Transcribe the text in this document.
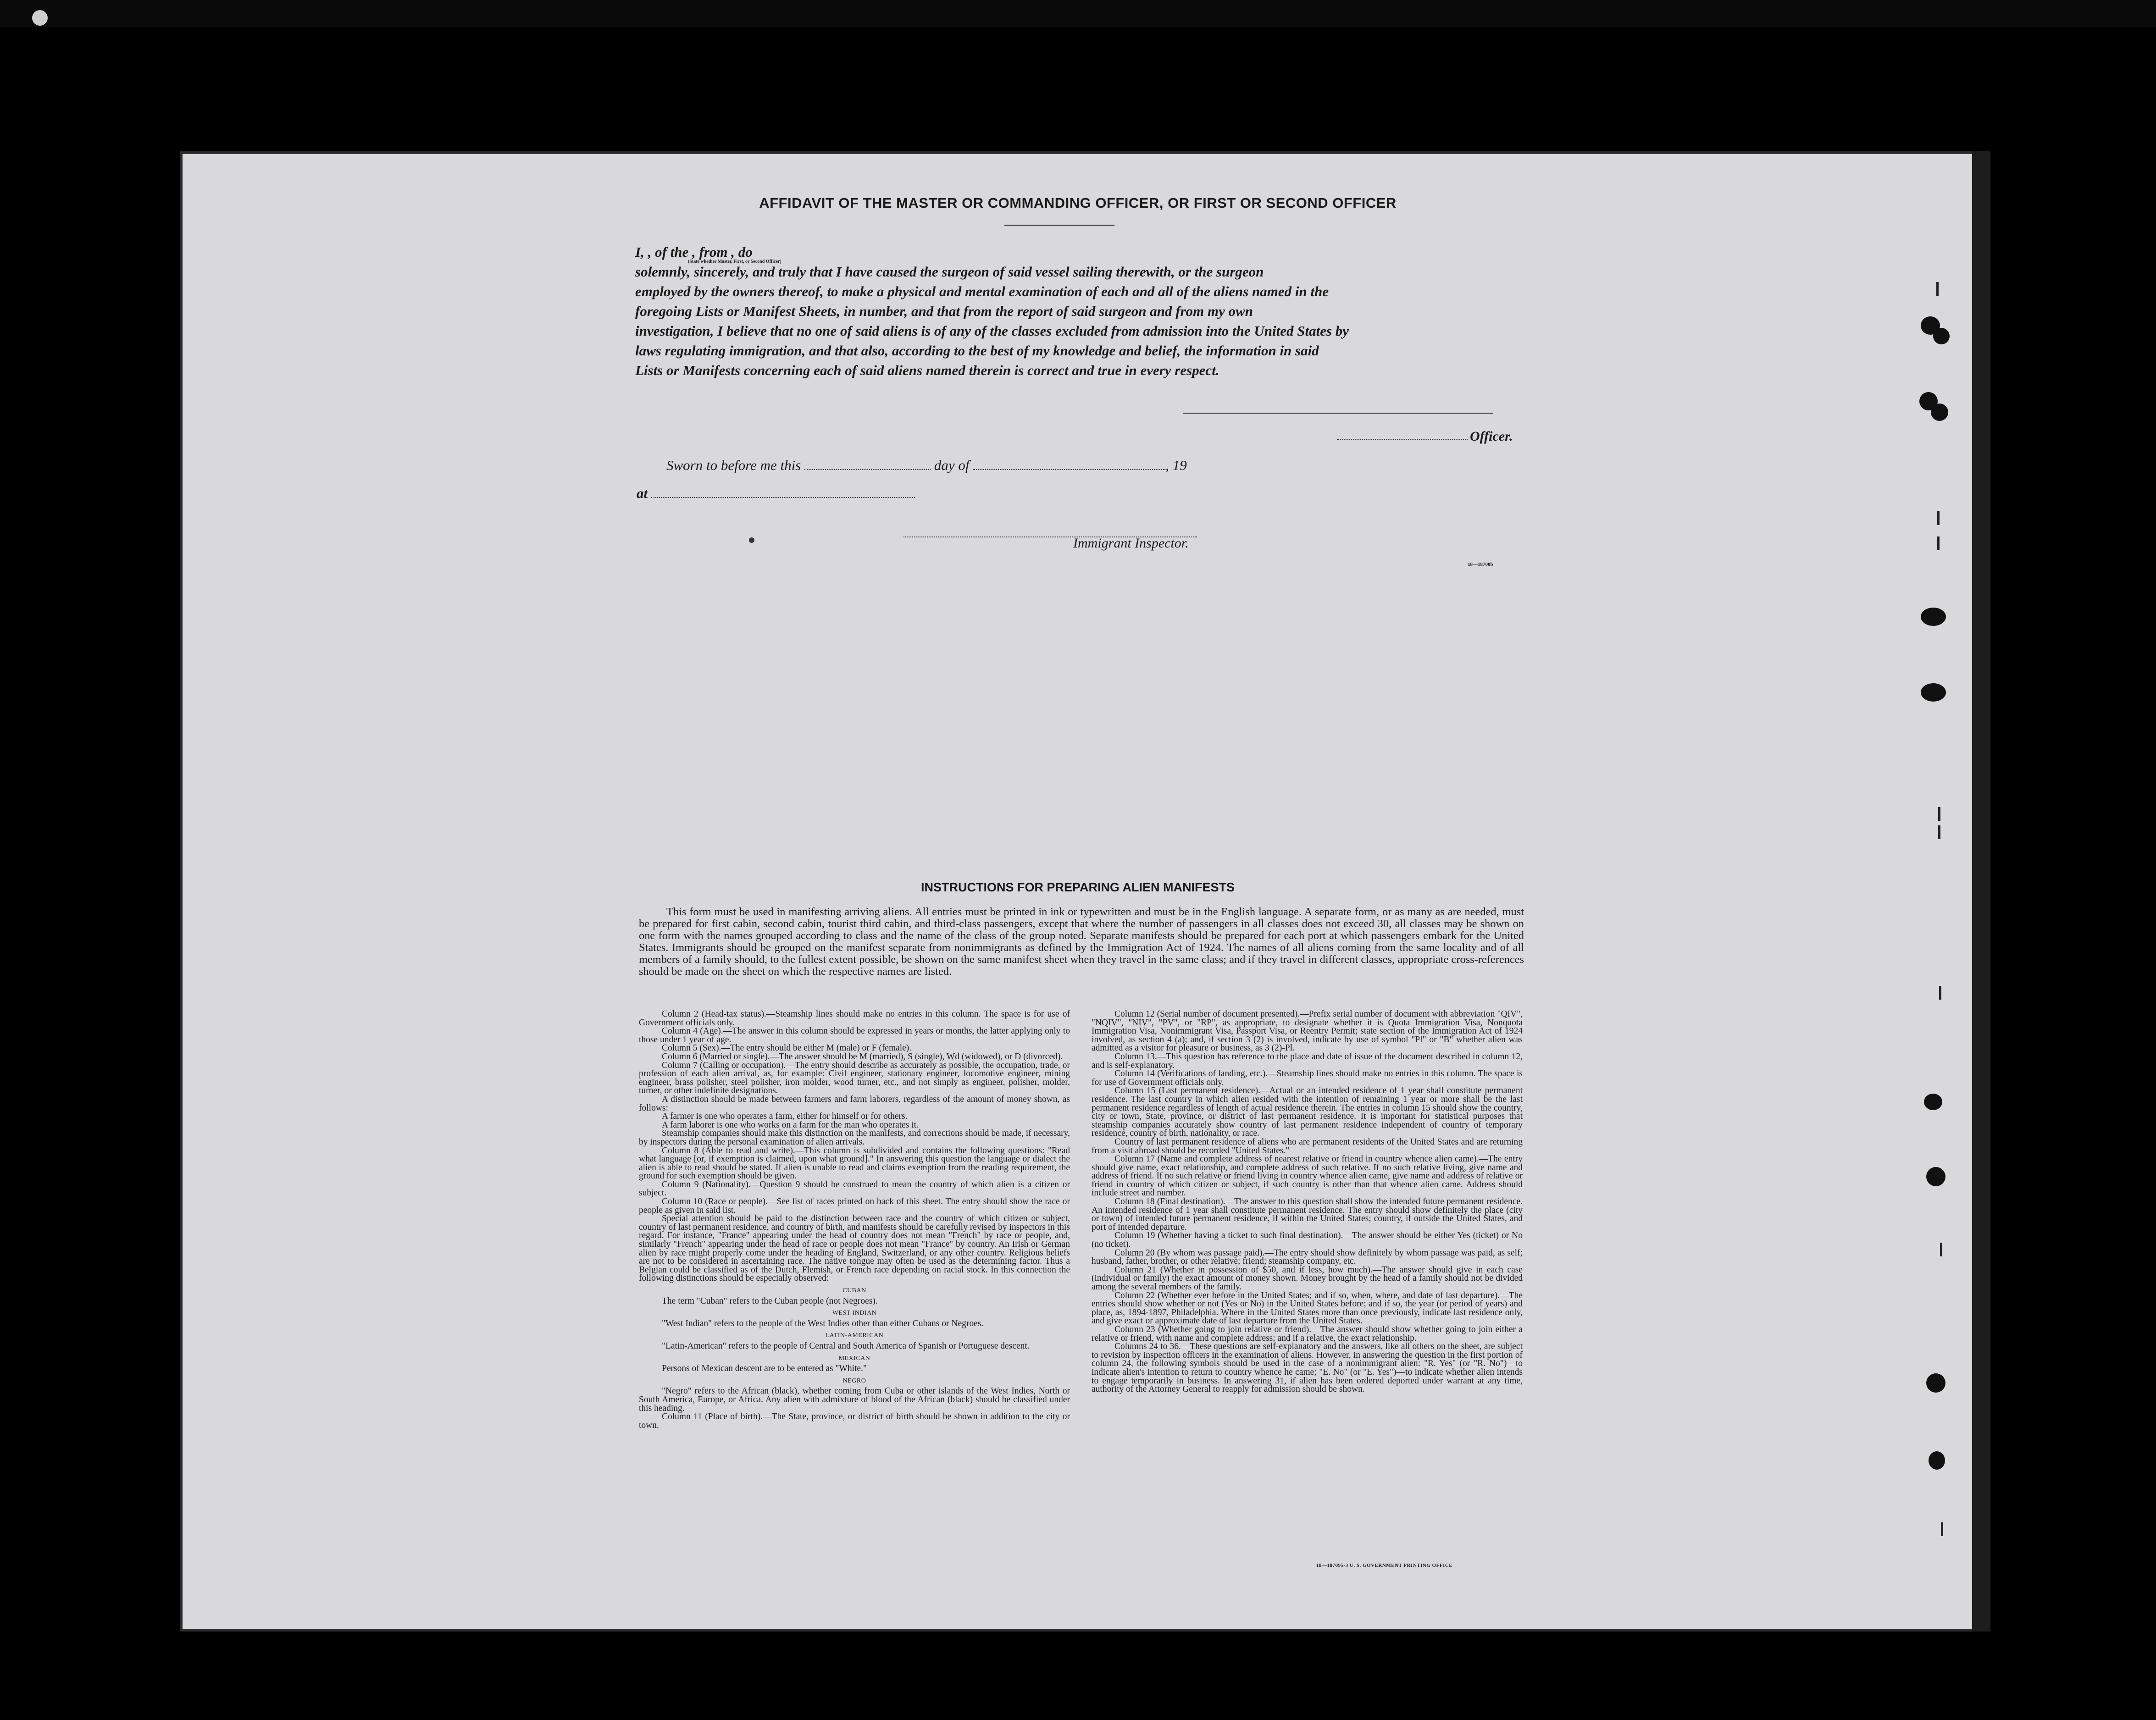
AFFIDAVIT OF THE MASTER OR COMMANDING OFFICER, OR FIRST OR SECOND OFFICER
I, , of the , from , do
solemnly, sincerely, and truly that I have caused the surgeon of said vessel sailing therewith, or the surgeon
employed by the owners thereof, to make a physical and mental examination of each and all of the aliens named in the
foregoing Lists or Manifest Sheets, in number, and that from the report of said surgeon and from my own
investigation, I believe that no one of said aliens is of any of the classes excluded from admission into the United States by
laws regulating immigration, and that also, according to the best of my knowledge and belief, the information in said
Lists or Manifests concerning each of said aliens named therein is correct and true in every respect.
(State whether Master, First, or Second Officer)
Officer.
Sworn to before me this	day of	, 19
at
Immigrant Inspector.
18—18700b
INSTRUCTIONS FOR PREPARING ALIEN MANIFESTS
This form must be used in manifesting arriving aliens. All entries must be printed in ink or typewritten and must be in the English language. A separate form, or as many as are needed, must be prepared for first cabin, second cabin, tourist third cabin, and third-class passengers, except that where the number of passengers in all classes does not exceed 30, all classes may be shown on one form with the names grouped according to class and the name of the class of the group noted. Separate manifests should be prepared for each port at which passengers embark for the United States. Immigrants should be grouped on the manifest separate from nonimmigrants as defined by the Immigration Act of 1924. The names of all aliens coming from the same locality and of all members of a family should, to the fullest extent possible, be shown on the same manifest sheet when they travel in the same class; and if they travel in different classes, appropriate cross-references should be made on the sheet on which the respective names are listed.

Column 2 (Head-tax status).—Steamship lines should make no entries in this column. The space is for use of Government officials only.

Column 4 (Age).—The answer in this column should be expressed in years or months, the latter applying only to those under 1 year of age.

Column 5 (Sex).—The entry should be either M (male) or F (female).

Column 6 (Married or single).—The answer should be M (married), S (single), Wd (widowed), or D (divorced).

Column 7 (Calling or occupation).—The entry should describe as accurately as possible, the occupation, trade, or profession of each alien arrival, as, for example: Civil engineer, stationary engineer, locomotive engineer, mining engineer, brass polisher, steel polisher, iron molder, wood turner, etc., and not simply as engineer, polisher, molder, turner, or other indefinite designations.

A distinction should be made between farmers and farm laborers, regardless of the amount of money shown, as follows:

A farmer is one who operates a farm, either for himself or for others.

A farm laborer is one who works on a farm for the man who operates it.

Steamship companies should make this distinction on the manifests, and corrections should be made, if necessary, by inspectors during the personal examination of alien arrivals.

Column 8 (Able to read and write).—This column is subdivided and contains the following questions: "Read what language [or, if exemption is claimed, upon what ground]." In answering this question the language or dialect the alien is able to read should be stated. If alien is unable to read and claims exemption from the reading requirement, the ground for such exemption should be given.

Column 9 (Nationality).—Question 9 should be construed to mean the country of which alien is a citizen or subject.

Column 10 (Race or people).—See list of races printed on back of this sheet. The entry should show the race or people as given in said list.

Special attention should be paid to the distinction between race and the country of which citizen or subject, country of last permanent residence, and country of birth, and manifests should be carefully revised by inspectors in this regard. For instance, "France" appearing under the head of country does not mean "French" by race or people, and, similarly "French" appearing under the head of race or people does not mean "France" by country. An Irish or German alien by race might properly come under the heading of England, Switzerland, or any other country. Religious beliefs are not to be considered in ascertaining race. The native tongue may often be used as the determining factor. Thus a Belgian could be classified as of the Dutch, Flemish, or French race depending on racial stock. In this connection the following distinctions should be especially observed:

CUBAN

The term "Cuban" refers to the Cuban people (not Negroes).

WEST INDIAN

"West Indian" refers to the people of the West Indies other than either Cubans or Negroes.

LATIN-AMERICAN

"Latin-American" refers to the people of Central and South America of Spanish or Portuguese descent.

MEXICAN

Persons of Mexican descent are to be entered as "White."

NEGRO

"Negro" refers to the African (black), whether coming from Cuba or other islands of the West Indies, North or South America, Europe, or Africa. Any alien with admixture of blood of the African (black) should be classified under this heading.

Column 11 (Place of birth).—The State, province, or district of birth should be shown in addition to the city or town.

Column 12 (Serial number of document presented).—Prefix serial number of document with abbreviation "QIV", "NQIV", "NIV", "PV", or "RP", as appropriate, to designate whether it is Quota Immigration Visa, Nonquota Immigration Visa, Nonimmigrant Visa, Passport Visa, or Reentry Permit; state section of the Immigration Act of 1924 involved, as section 4 (a); and, if section 3 (2) is involved, indicate by use of symbol "Pl" or "B" whether alien was admitted as a visitor for pleasure or business, as 3 (2)-Pl.

Column 13.—This question has reference to the place and date of issue of the document described in column 12, and is self-explanatory.

Column 14 (Verifications of landing, etc.).—Steamship lines should make no entries in this column. The space is for use of Government officials only.

Column 15 (Last permanent residence).—Actual or an intended residence of 1 year shall constitute permanent residence. The last country in which alien resided with the intention of remaining 1 year or more shall be the last permanent residence regardless of length of actual residence therein. The entries in column 15 should show the country, city or town, State, province, or district of last permanent residence. It is important for statistical purposes that steamship companies accurately show country of last permanent residence independent of country of temporary residence, country of birth, nationality, or race.

Country of last permanent residence of aliens who are permanent residents of the United States and are returning from a visit abroad should be recorded "United States."

Column 17 (Name and complete address of nearest relative or friend in country whence alien came).—The entry should give name, exact relationship, and complete address of such relative. If no such relative living, give name and address of friend. If no such relative or friend living in country whence alien came, give name and address of relative or friend in country of which citizen or subject, if such country is other than that whence alien came. Address should include street and number.

Column 18 (Final destination).—The answer to this question shall show the intended future permanent residence. An intended residence of 1 year shall constitute permanent residence. The entry should show definitely the place (city or town) of intended future permanent residence, if within the United States; country, if outside the United States, and port of intended departure.

Column 19 (Whether having a ticket to such final destination).—The answer should be either Yes (ticket) or No (no ticket).

Column 20 (By whom was passage paid).—The entry should show definitely by whom passage was paid, as self; husband, father, brother, or other relative; friend; steamship company, etc.

Column 21 (Whether in possession of $50, and if less, how much).—The answer should give in each case (individual or family) the exact amount of money shown. Money brought by the head of a family should not be divided among the several members of the family.

Column 22 (Whether ever before in the United States; and if so, when, where, and date of last departure).—The entries should show whether or not (Yes or No) in the United States before; and if so, the year (or period of years) and place, as, 1894-1897, Philadelphia. Where in the United States more than once previously, indicate last residence only, and give exact or approximate date of last departure from the United States.

Column 23 (Whether going to join relative or friend).—The answer should show whether going to join either a relative or friend, with name and complete address; and if a relative, the exact relationship.

Columns 24 to 36.—These questions are self-explanatory and the answers, like all others on the sheet, are subject to revision by inspection officers in the examination of aliens. However, in answering the question in the first portion of column 24, the following symbols should be used in the case of a nonimmigrant alien: "R. Yes" (or "R. No")—to indicate alien's intention to return to country whence he came; "E. No" (or "E. Yes")—to indicate whether alien intends to engage temporarily in business. In answering 31, if alien has been ordered deported under warrant at any time, authority of the Attorney General to reapply for admission should be shown.

18—187095-3 U. S. GOVERNMENT PRINTING OFFICE
